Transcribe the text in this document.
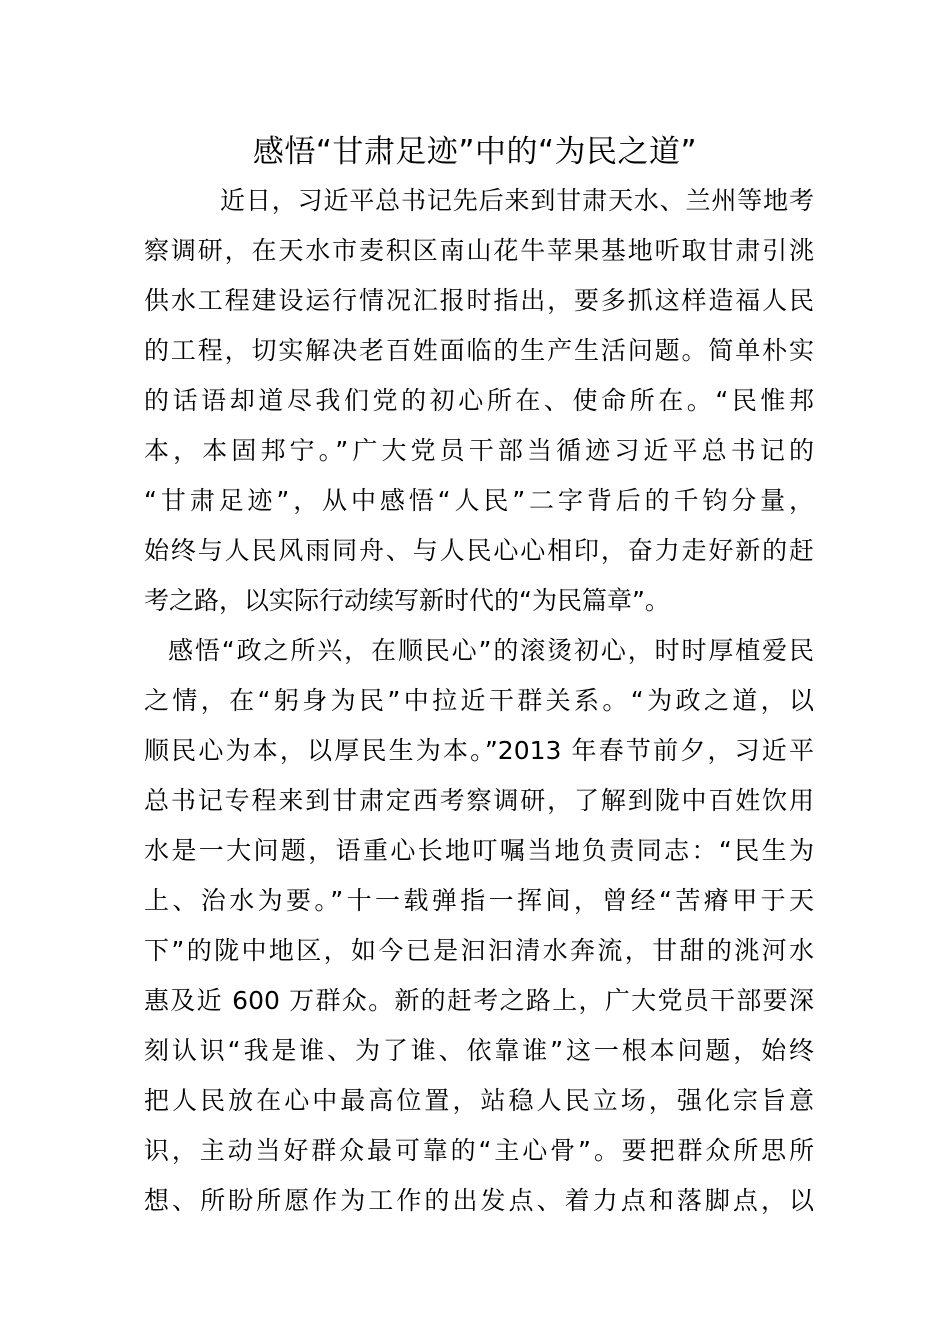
感悟“甘肃足迹”中的“为民之道”
近日，习近平总书记先后来到甘肃天水、兰州等地考
察调研，在天水市麦积区南山花牛苹果基地听取甘肃引洮
供水工程建设运行情况汇报时指出，要多抓这样造福人民
的工程，切实解决老百姓面临的生产生活问题。简单朴实
的话语却道尽我们党的初心所在、使命所在。“民惟邦
本，本固邦宁。”广大党员干部当循迹习近平总书记的
“甘肃足迹”，从中感悟“人民”二字背后的千钧分量，
始终与人民风雨同舟、与人民心心相印，奋力走好新的赶
考之路，以实际行动续写新时代的“为民篇章”。
感悟“政之所兴，在顺民心”的滚烫初心，时时厚植爱民
之情，在“躬身为民”中拉近干群关系。“为政之道，以
顺民心为本，以厚民生为本。”2013 年春节前夕，习近平
总书记专程来到甘肃定西考察调研，了解到陇中百姓饮用
水是一大问题，语重心长地叮嘱当地负责同志：“民生为
上、治水为要。”十一载弹指一挥间，曾经“苦瘠甲于天
下”的陇中地区，如今已是汩汩清水奔流，甘甜的洮河水
惠及近 600 万群众。新的赶考之路上，广大党员干部要深
刻认识“我是谁、为了谁、依靠谁”这一根本问题，始终
把人民放在心中最高位置，站稳人民立场，强化宗旨意
识，主动当好群众最可靠的“主心骨”。要把群众所思所
想、所盼所愿作为工作的出发点、着力点和落脚点，以
